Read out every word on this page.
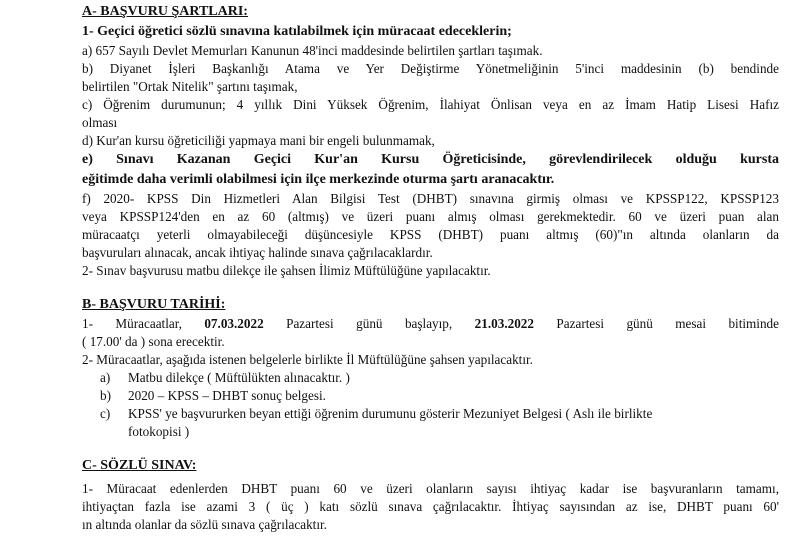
A- BAŞVURU ŞARTLARI:
1- Geçici öğretici sözlü sınavına katılabilmek için müracaat edeceklerin;
a) 657 Sayılı Devlet Memurları Kanunun 48'inci maddesinde belirtilen şartları taşımak.
b) Diyanet İşleri Başkanlığı Atama ve Yer Değiştirme Yönetmeliğinin 5'inci maddesinin (b) bendinde
belirtilen "Ortak Nitelik" şartını taşımak,
c) Öğrenim durumunun; 4 yıllık Dini Yüksek Öğrenim, İlahiyat Önlisan veya en az İmam Hatip Lisesi Hafız
olması
d) Kur'an kursu öğreticiliği yapmaya mani bir engeli bulunmamak,
e) Sınavı Kazanan Geçici Kur'an Kursu Öğreticisinde, görevlendirilecek olduğu kursta
eğitimde daha verimli olabilmesi için ilçe merkezinde oturma şartı aranacaktır.
f) 2020- KPSS Din Hizmetleri Alan Bilgisi Test (DHBT) sınavına girmiş olması ve KPSSP122, KPSSP123
veya KPSSP124'den en az 60 (altmış) ve üzeri puanı almış olması gerekmektedir. 60 ve üzeri puan alan
müracaatçı yeterli olmayabileceği düşüncesiyle KPSS (DHBT) puanı altmış (60)"ın altında olanların da
başvuruları alınacak, ancak ihtiyaç halinde sınava çağrılacaklardır.
2- Sınav başvurusu matbu dilekçe ile şahsen İlimiz Müftülüğüne yapılacaktır.
B- BAŞVURU TARİHİ:
1- Müracaatlar, 07.03.2022 Pazartesi günü başlayıp, 21.03.2022 Pazartesi günü mesai bitiminde
( 17.00' da ) sona erecektir.
2- Müracaatlar, aşağıda istenen belgelerle birlikte İl Müftülüğüne şahsen yapılacaktır.
a)	Matbu dilekçe ( Müftülükten alınacaktır. )
b)	2020 – KPSS – DHBT sonuç belgesi.
c)	KPSS' ye başvururken beyan ettiği öğrenim durumunu gösterir Mezuniyet Belgesi ( Aslı ile birlikte
fotokopisi )
C- SÖZLÜ SINAV:
1- Müracaat edenlerden DHBT puanı 60 ve üzeri olanların sayısı ihtiyaç kadar ise başvuranların tamamı,
ihtiyaçtan fazla ise azami 3 ( üç ) katı sözlü sınava çağrılacaktır. İhtiyaç sayısından az ise, DHBT puanı 60'
ın altında olanlar da sözlü sınava çağrılacaktır.
